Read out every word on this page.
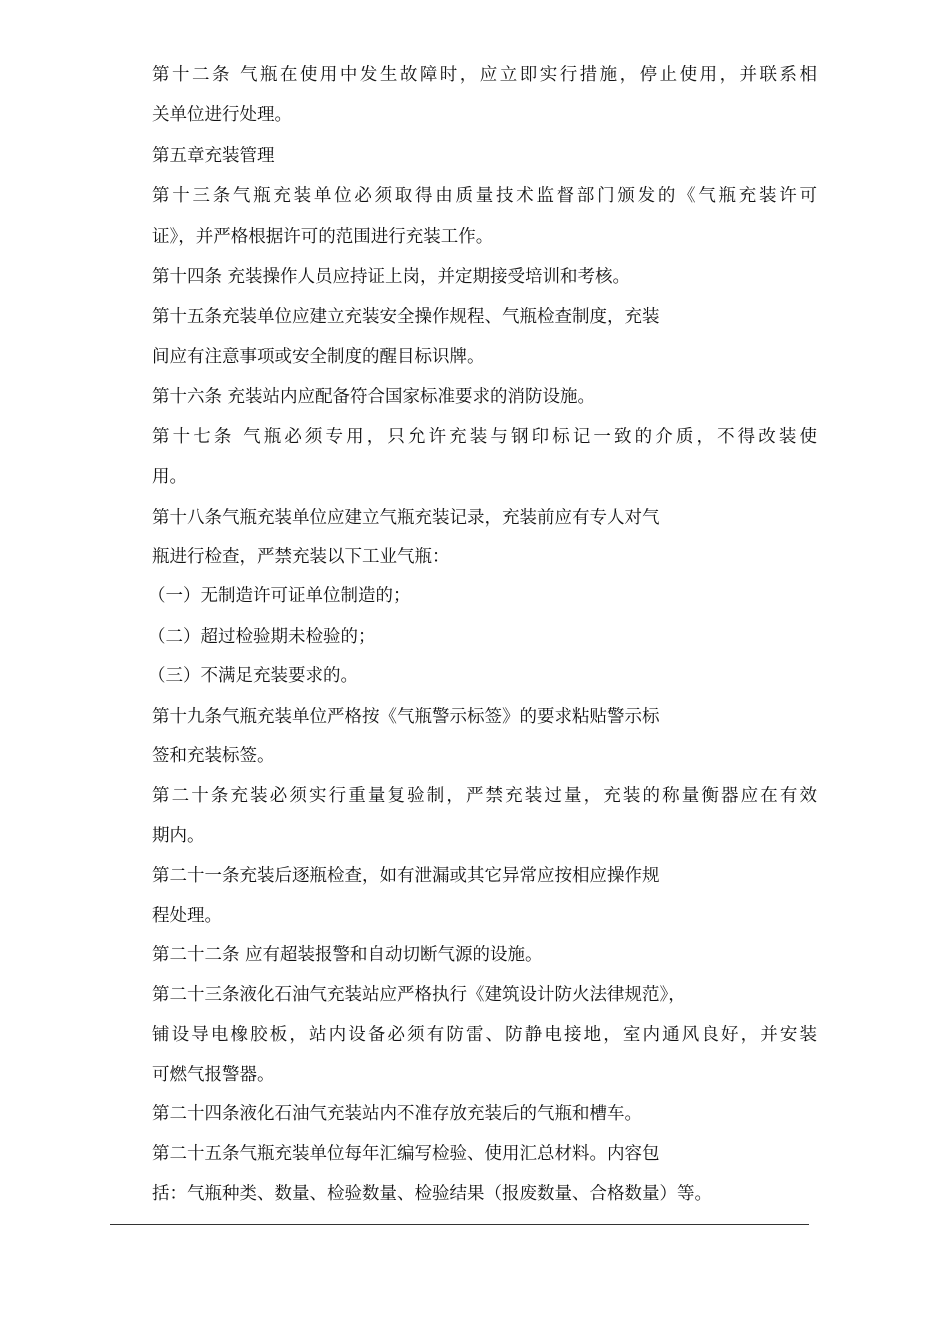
第十二条 气瓶在使用中发生故障时，应立即实行措施，停止使用，并联系相
关单位进行处理。
第五章充装管理
第十三条气瓶充装单位必须取得由质量技术监督部门颁发的《气瓶充装许可
证》，并严格根据许可的范围进行充装工作。
第十四条 充装操作人员应持证上岗，并定期接受培训和考核。
第十五条充装单位应建立充装安全操作规程、气瓶检查制度，充装
间应有注意事项或安全制度的醒目标识牌。
第十六条 充装站内应配备符合国家标准要求的消防设施。
第十七条 气瓶必须专用，只允许充装与钢印标记一致的介质，不得改装使
用。
第十八条气瓶充装单位应建立气瓶充装记录，充装前应有专人对气
瓶进行检查，严禁充装以下工业气瓶：
（一）无制造许可证单位制造的；
（二）超过检验期未检验的；
（三）不满足充装要求的。
第十九条气瓶充装单位严格按《气瓶警示标签》的要求粘贴警示标
签和充装标签。
第二十条充装必须实行重量复验制，严禁充装过量，充装的称量衡器应在有效
期内。
第二十一条充装后逐瓶检查，如有泄漏或其它异常应按相应操作规
程处理。
第二十二条 应有超装报警和自动切断气源的设施。
第二十三条液化石油气充装站应严格执行《建筑设计防火法律规范》，
铺设导电橡胶板，站内设备必须有防雷、防静电接地，室内通风良好，并安装
可燃气报警器。
第二十四条液化石油气充装站内不准存放充装后的气瓶和槽车。
第二十五条气瓶充装单位每年汇编写检验、使用汇总材料。内容包
括：气瓶种类、数量、检验数量、检验结果（报废数量、合格数量）等。
